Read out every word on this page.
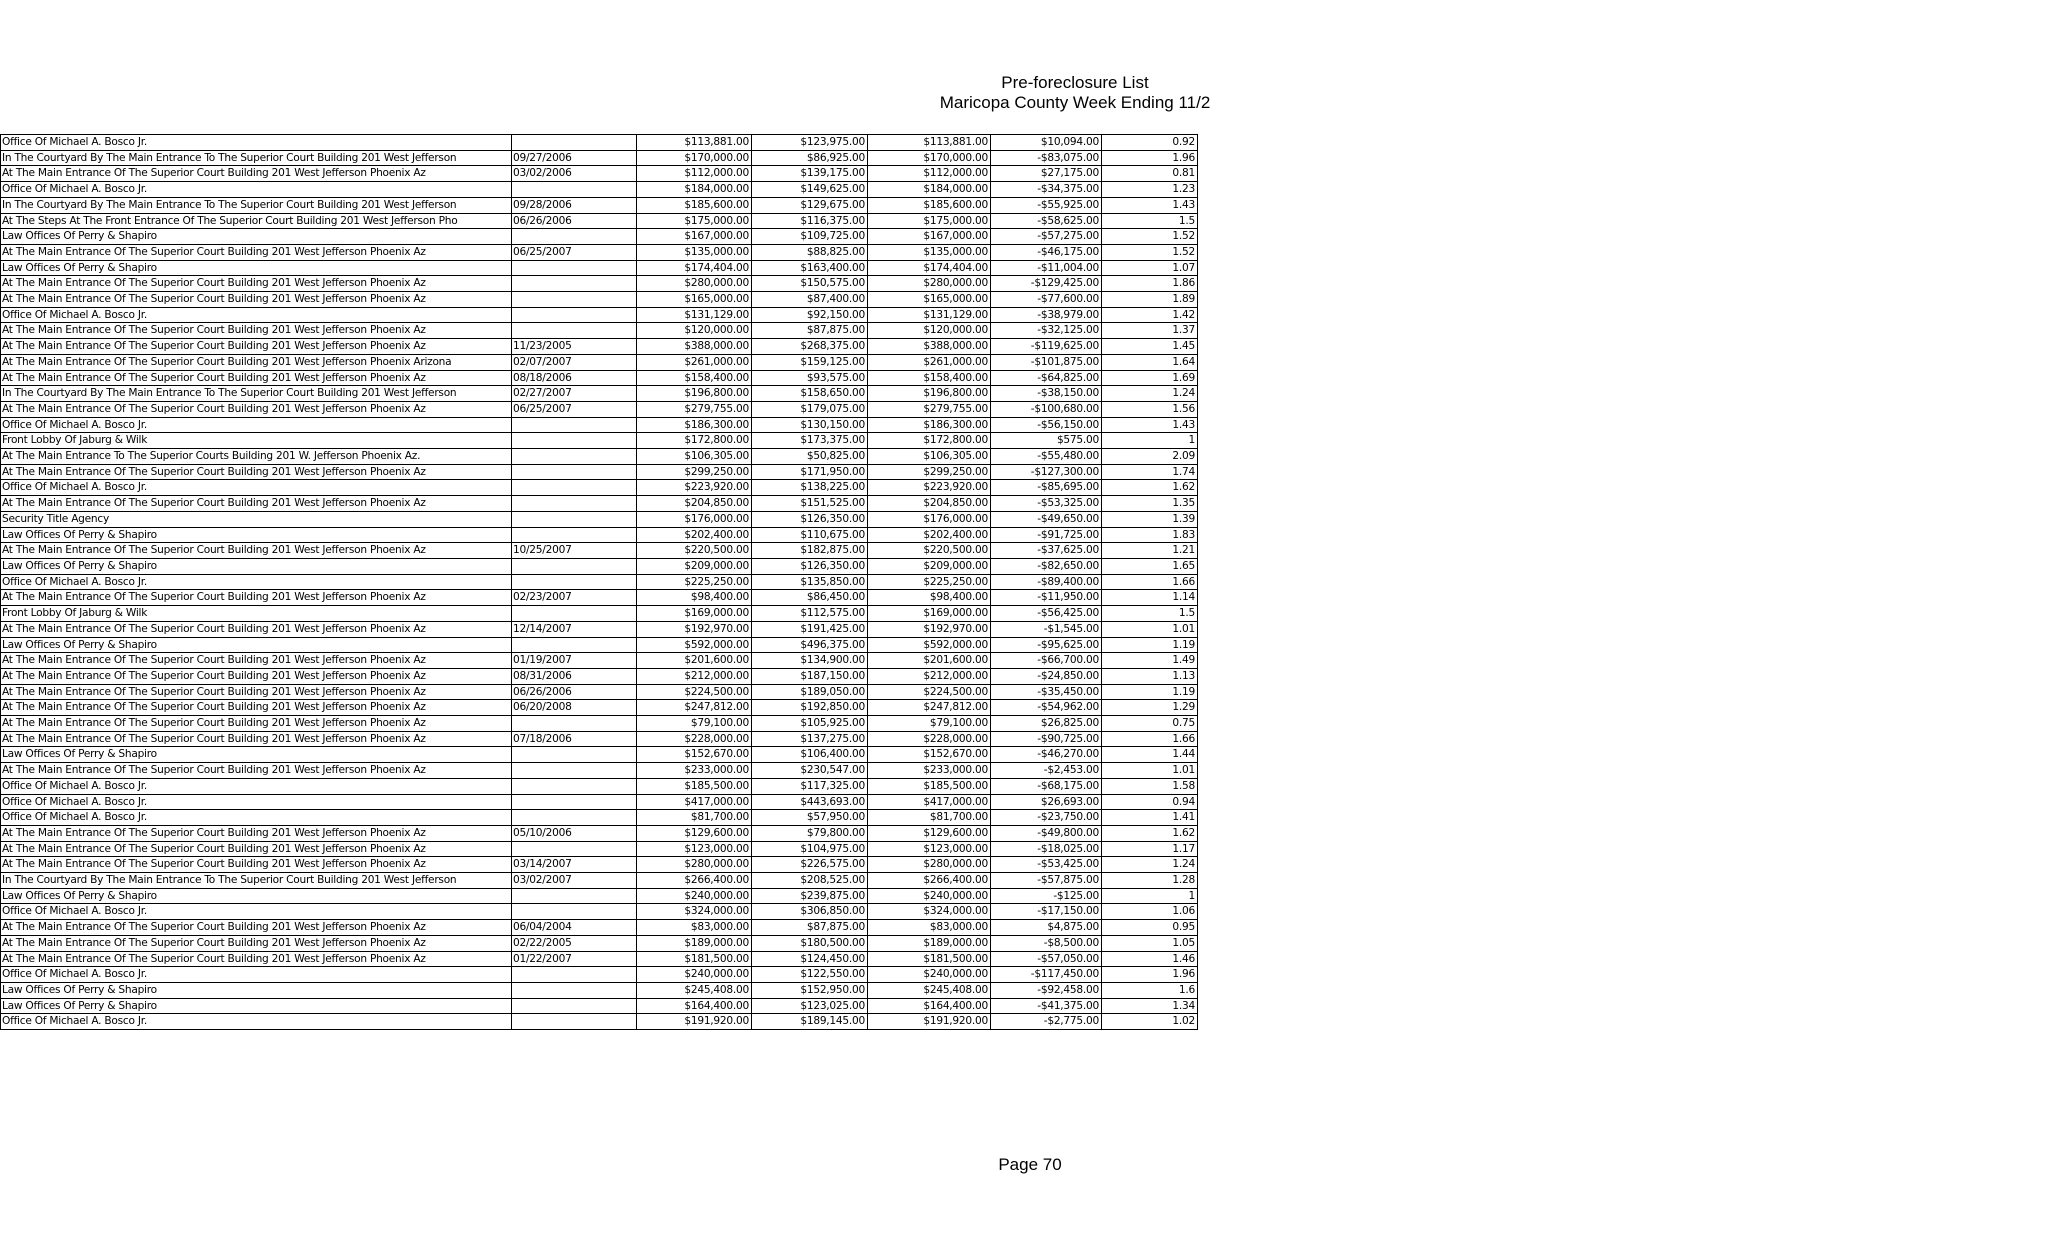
Pre-foreclosure List
Maricopa County Week Ending 11/2
Office Of Michael A. Bosco Jr.		$113,881.00	$123,975.00	$113,881.00	$10,094.00	0.92
In The Courtyard By The Main Entrance To The Superior Court Building 201 West Jefferson	09/27/2006	$170,000.00	$86,925.00	$170,000.00	-$83,075.00	1.96
At The Main Entrance Of The Superior Court Building 201 West Jefferson Phoenix Az	03/02/2006	$112,000.00	$139,175.00	$112,000.00	$27,175.00	0.81
Office Of Michael A. Bosco Jr.		$184,000.00	$149,625.00	$184,000.00	-$34,375.00	1.23
In The Courtyard By The Main Entrance To The Superior Court Building 201 West Jefferson	09/28/2006	$185,600.00	$129,675.00	$185,600.00	-$55,925.00	1.43
At The Steps At The Front Entrance Of The Superior Court Building 201 West Jefferson Pho	06/26/2006	$175,000.00	$116,375.00	$175,000.00	-$58,625.00	1.5
Law Offices Of Perry & Shapiro		$167,000.00	$109,725.00	$167,000.00	-$57,275.00	1.52
At The Main Entrance Of The Superior Court Building 201 West Jefferson Phoenix Az	06/25/2007	$135,000.00	$88,825.00	$135,000.00	-$46,175.00	1.52
Law Offices Of Perry & Shapiro		$174,404.00	$163,400.00	$174,404.00	-$11,004.00	1.07
At The Main Entrance Of The Superior Court Building 201 West Jefferson Phoenix Az		$280,000.00	$150,575.00	$280,000.00	-$129,425.00	1.86
At The Main Entrance Of The Superior Court Building 201 West Jefferson Phoenix Az		$165,000.00	$87,400.00	$165,000.00	-$77,600.00	1.89
Office Of Michael A. Bosco Jr.		$131,129.00	$92,150.00	$131,129.00	-$38,979.00	1.42
At The Main Entrance Of The Superior Court Building 201 West Jefferson Phoenix Az		$120,000.00	$87,875.00	$120,000.00	-$32,125.00	1.37
At The Main Entrance Of The Superior Court Building 201 West Jefferson Phoenix Az	11/23/2005	$388,000.00	$268,375.00	$388,000.00	-$119,625.00	1.45
At The Main Entrance Of The Superior Court Building 201 West Jefferson Phoenix Arizona	02/07/2007	$261,000.00	$159,125.00	$261,000.00	-$101,875.00	1.64
At The Main Entrance Of The Superior Court Building 201 West Jefferson Phoenix Az	08/18/2006	$158,400.00	$93,575.00	$158,400.00	-$64,825.00	1.69
In The Courtyard By The Main Entrance To The Superior Court Building 201 West Jefferson	02/27/2007	$196,800.00	$158,650.00	$196,800.00	-$38,150.00	1.24
At The Main Entrance Of The Superior Court Building 201 West Jefferson Phoenix Az	06/25/2007	$279,755.00	$179,075.00	$279,755.00	-$100,680.00	1.56
Office Of Michael A. Bosco Jr.		$186,300.00	$130,150.00	$186,300.00	-$56,150.00	1.43
Front Lobby Of Jaburg & Wilk		$172,800.00	$173,375.00	$172,800.00	$575.00	1
At The Main Entrance To The Superior Courts Building 201 W. Jefferson Phoenix Az.		$106,305.00	$50,825.00	$106,305.00	-$55,480.00	2.09
At The Main Entrance Of The Superior Court Building 201 West Jefferson Phoenix Az		$299,250.00	$171,950.00	$299,250.00	-$127,300.00	1.74
Office Of Michael A. Bosco Jr.		$223,920.00	$138,225.00	$223,920.00	-$85,695.00	1.62
At The Main Entrance Of The Superior Court Building 201 West Jefferson Phoenix Az		$204,850.00	$151,525.00	$204,850.00	-$53,325.00	1.35
Security Title Agency		$176,000.00	$126,350.00	$176,000.00	-$49,650.00	1.39
Law Offices Of Perry & Shapiro		$202,400.00	$110,675.00	$202,400.00	-$91,725.00	1.83
At The Main Entrance Of The Superior Court Building 201 West Jefferson Phoenix Az	10/25/2007	$220,500.00	$182,875.00	$220,500.00	-$37,625.00	1.21
Law Offices Of Perry & Shapiro		$209,000.00	$126,350.00	$209,000.00	-$82,650.00	1.65
Office Of Michael A. Bosco Jr.		$225,250.00	$135,850.00	$225,250.00	-$89,400.00	1.66
At The Main Entrance Of The Superior Court Building 201 West Jefferson Phoenix Az	02/23/2007	$98,400.00	$86,450.00	$98,400.00	-$11,950.00	1.14
Front Lobby Of Jaburg & Wilk		$169,000.00	$112,575.00	$169,000.00	-$56,425.00	1.5
At The Main Entrance Of The Superior Court Building 201 West Jefferson Phoenix Az	12/14/2007	$192,970.00	$191,425.00	$192,970.00	-$1,545.00	1.01
Law Offices Of Perry & Shapiro		$592,000.00	$496,375.00	$592,000.00	-$95,625.00	1.19
At The Main Entrance Of The Superior Court Building 201 West Jefferson Phoenix Az	01/19/2007	$201,600.00	$134,900.00	$201,600.00	-$66,700.00	1.49
At The Main Entrance Of The Superior Court Building 201 West Jefferson Phoenix Az	08/31/2006	$212,000.00	$187,150.00	$212,000.00	-$24,850.00	1.13
At The Main Entrance Of The Superior Court Building 201 West Jefferson Phoenix Az	06/26/2006	$224,500.00	$189,050.00	$224,500.00	-$35,450.00	1.19
At The Main Entrance Of The Superior Court Building 201 West Jefferson Phoenix Az	06/20/2008	$247,812.00	$192,850.00	$247,812.00	-$54,962.00	1.29
At The Main Entrance Of The Superior Court Building 201 West Jefferson Phoenix Az		$79,100.00	$105,925.00	$79,100.00	$26,825.00	0.75
At The Main Entrance Of The Superior Court Building 201 West Jefferson Phoenix Az	07/18/2006	$228,000.00	$137,275.00	$228,000.00	-$90,725.00	1.66
Law Offices Of Perry & Shapiro		$152,670.00	$106,400.00	$152,670.00	-$46,270.00	1.44
At The Main Entrance Of The Superior Court Building 201 West Jefferson Phoenix Az		$233,000.00	$230,547.00	$233,000.00	-$2,453.00	1.01
Office Of Michael A. Bosco Jr.		$185,500.00	$117,325.00	$185,500.00	-$68,175.00	1.58
Office Of Michael A. Bosco Jr.		$417,000.00	$443,693.00	$417,000.00	$26,693.00	0.94
Office Of Michael A. Bosco Jr.		$81,700.00	$57,950.00	$81,700.00	-$23,750.00	1.41
At The Main Entrance Of The Superior Court Building 201 West Jefferson Phoenix Az	05/10/2006	$129,600.00	$79,800.00	$129,600.00	-$49,800.00	1.62
At The Main Entrance Of The Superior Court Building 201 West Jefferson Phoenix Az		$123,000.00	$104,975.00	$123,000.00	-$18,025.00	1.17
At The Main Entrance Of The Superior Court Building 201 West Jefferson Phoenix Az	03/14/2007	$280,000.00	$226,575.00	$280,000.00	-$53,425.00	1.24
In The Courtyard By The Main Entrance To The Superior Court Building 201 West Jefferson	03/02/2007	$266,400.00	$208,525.00	$266,400.00	-$57,875.00	1.28
Law Offices Of Perry & Shapiro		$240,000.00	$239,875.00	$240,000.00	-$125.00	1
Office Of Michael A. Bosco Jr.		$324,000.00	$306,850.00	$324,000.00	-$17,150.00	1.06
At The Main Entrance Of The Superior Court Building 201 West Jefferson Phoenix Az	06/04/2004	$83,000.00	$87,875.00	$83,000.00	$4,875.00	0.95
At The Main Entrance Of The Superior Court Building 201 West Jefferson Phoenix Az	02/22/2005	$189,000.00	$180,500.00	$189,000.00	-$8,500.00	1.05
At The Main Entrance Of The Superior Court Building 201 West Jefferson Phoenix Az	01/22/2007	$181,500.00	$124,450.00	$181,500.00	-$57,050.00	1.46
Office Of Michael A. Bosco Jr.		$240,000.00	$122,550.00	$240,000.00	-$117,450.00	1.96
Law Offices Of Perry & Shapiro		$245,408.00	$152,950.00	$245,408.00	-$92,458.00	1.6
Law Offices Of Perry & Shapiro		$164,400.00	$123,025.00	$164,400.00	-$41,375.00	1.34
Office Of Michael A. Bosco Jr.		$191,920.00	$189,145.00	$191,920.00	-$2,775.00	1.02
Page 70
